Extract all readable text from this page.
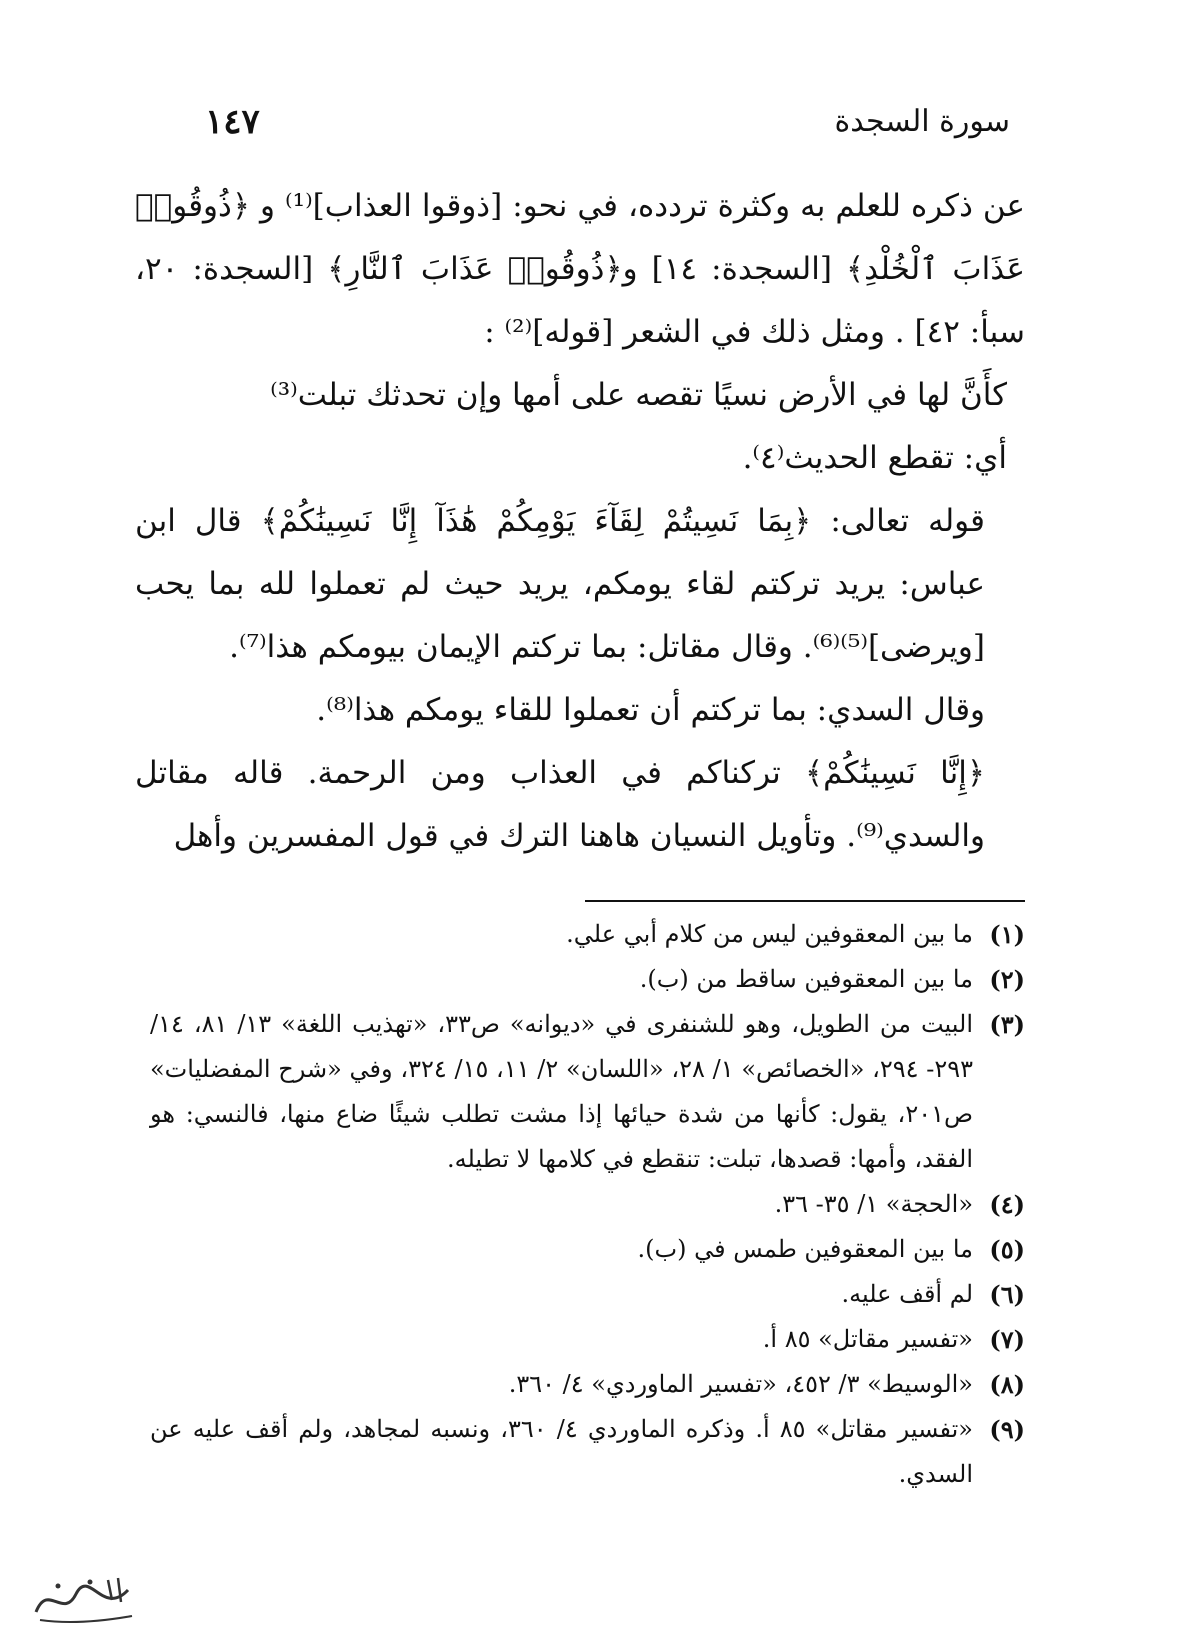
سورة السجدة
١٤٧

عن ذكره للعلم به وكثرة تردده، في نحو: [ذوقوا العذاب]⁽¹⁾ و ﴿ذُوقُوا۟ عَذَابَ ٱلْخُلْدِ﴾ [السجدة: ١٤] و﴿ذُوقُوا۟ عَذَابَ ٱلنَّارِ﴾ [السجدة: ٢٠، سبأ: ٤٢] . ومثل ذلك في الشعر [قوله]⁽²⁾ :

كأَنَّ لها في الأرض نسيًا تقصه على أمها وإن تحدثك تبلت⁽³⁾

أي: تقطع الحديث⁽٤⁾.

قوله تعالى: ﴿بِمَا نَسِيتُمْ لِقَآءَ يَوْمِكُمْ هَٰذَآ إِنَّا نَسِينَٰكُمْ﴾ قال ابن عباس: يريد تركتم لقاء يومكم، يريد حيث لم تعملوا لله بما يحب [ويرضى]⁽⁵⁾⁽⁶⁾. وقال مقاتل: بما تركتم الإيمان بيومكم هذا⁽⁷⁾.

وقال السدي: بما تركتم أن تعملوا للقاء يومكم هذا⁽⁸⁾.

﴿إِنَّا نَسِينَٰكُمْ﴾ تركناكم في العذاب ومن الرحمة. قاله مقاتل والسدي⁽⁹⁾. وتأويل النسيان هاهنا الترك في قول المفسرين وأهل

(١)
ما بين المعقوفين ليس من كلام أبي علي.
(٢)
ما بين المعقوفين ساقط من (ب).
(٣)
البيت من الطويل، وهو للشنفرى في «ديوانه» ص٣٣، «تهذيب اللغة» ١٣/ ٨١، ١٤/ ٢٩٣- ٢٩٤، «الخصائص» ١/ ٢٨، «اللسان» ٢/ ١١، ١٥/ ٣٢٤، وفي «شرح المفضليات» ص٢٠١، يقول: كأنها من شدة حيائها إذا مشت تطلب شيئًا ضاع منها، فالنسي: هو الفقد، وأمها: قصدها، تبلت: تنقطع في كلامها لا تطيله.
(٤)
«الحجة» ١/ ٣٥- ٣٦.
(٥)
ما بين المعقوفين طمس في (ب).
(٦)
لم أقف عليه.
(٧)
«تفسير مقاتل» ٨٥ أ.
(٨)
«الوسيط» ٣/ ٤٥٢، «تفسير الماوردي» ٤/ ٣٦٠.
(٩)
«تفسير مقاتل» ٨٥ أ. وذكره الماوردي ٤/ ٣٦٠، ونسبه لمجاهد، ولم أقف عليه عن السدي.
